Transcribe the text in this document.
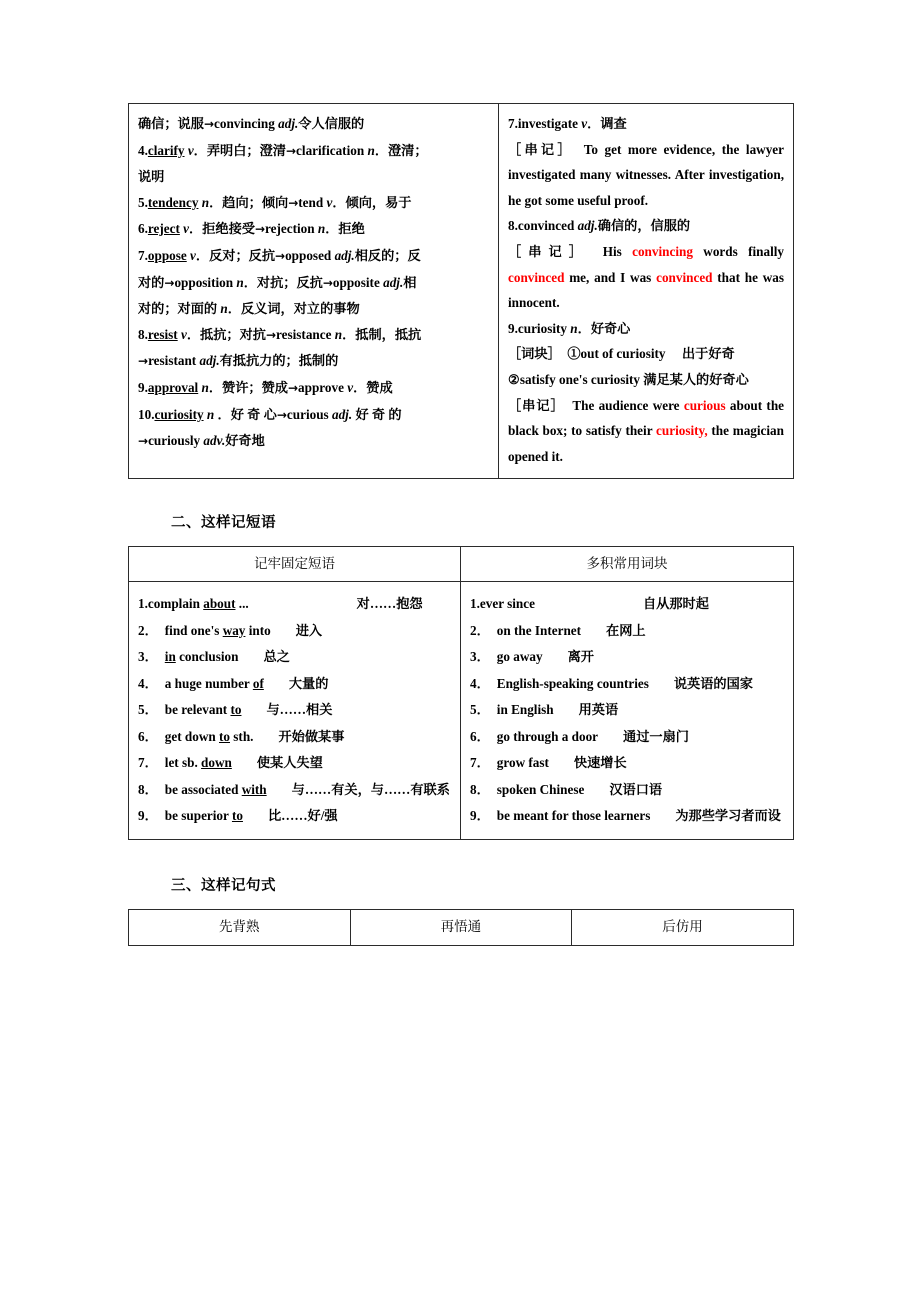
确信；说服→convincing adj.令人信服的

4.clarify v．弄明白；澄清→clarification n．澄清；

说明

5.tendency n．趋向；倾向→tend v．倾向，易于

6.reject v．拒绝接受→rejection n．拒绝

7.oppose v．反对；反抗→opposed adj.相反的；反

对的→opposition n．对抗；反抗→opposite adj.相

对的；对面的 n．反义词，对立的事物

8.resist v．抵抗；对抗→resistance n．抵制，抵抗

→resistant adj.有抵抗力的；抵制的

9.approval n．赞许；赞成→approve v．赞成

10.curiosity n ．好 奇 心→curious adj. 好 奇 的

→curiously adv.好奇地

7.investigate v．调查

［串记］　 To get more evidence, the lawyer investigated many witnesses. After investigation, he got some useful proof.

8.convinced adj.确信的，信服的

［串记］　 His convincing words finally convinced me, and I was convinced that he was innocent.

9.curiosity n．好奇心

［词块］　 ①out of curiosity 　出于好奇

②satisfy one's curiosity 满足某人的好奇心

［串记］　 The audience were curious about the black box; to satisfy their curiosity, the magician opened it.

二、这样记短语

记牢固定短语	多积常用词块

1.complain about ...	对……抱怨

2． find one's way into 进入

3． in conclusion 总之

4． a huge number of 大量的

5． be relevant to 与……相关

6． get down to sth. 开始做某事

7． let sb. down 使某人失望

8． be associated with 与……有关，与……有联系

9． be superior to 比……好/强

1.ever since	自从那时起

2． on the Internet 在网上

3． go away 离开

4． English-speaking countries 说英语的国家

5． in English 用英语

6． go through a door 通过一扇门

7． grow fast 快速增长

8． spoken Chinese 汉语口语

9． be meant for those learners 为那些学习者而设

三、这样记句式

先背熟	再悟通	后仿用
